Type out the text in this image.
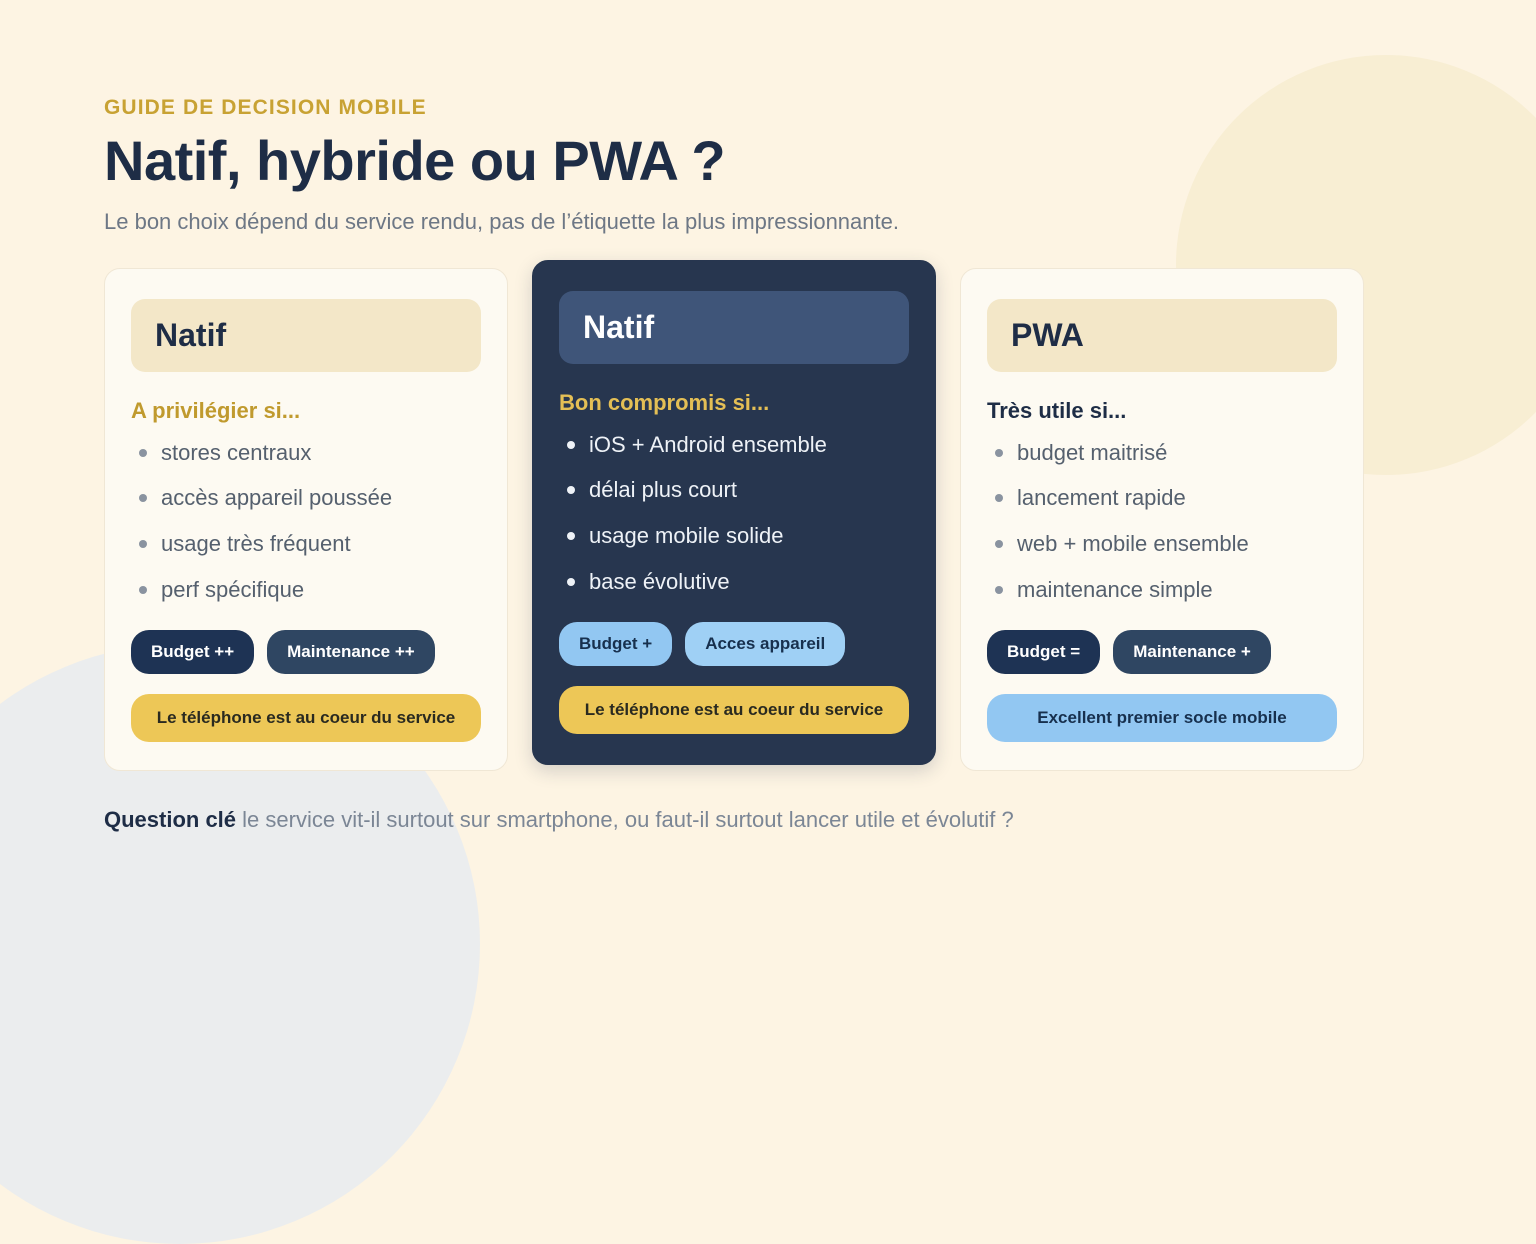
GUIDE DE DECISION MOBILE
Natif, hybride ou PWA ?

Le bon choix dépend du service rendu, pas de l’étiquette la plus impressionnante.

Natif
A privilégier si...
stores centraux
accès appareil poussée
usage très fréquent
perf spécifique
Budget ++	Maintenance ++
Le téléphone est au coeur du service
Natif
Bon compromis si...
iOS + Android ensemble
délai plus court
usage mobile solide
base évolutive
Budget +	Acces appareil
Le téléphone est au coeur du service
PWA
Très utile si...
budget maitrisé
lancement rapide
web + mobile ensemble
maintenance simple
Budget =	Maintenance +
Excellent premier socle mobile
Question clé le service vit-il surtout sur smartphone, ou faut-il surtout lancer utile et évolutif ?
